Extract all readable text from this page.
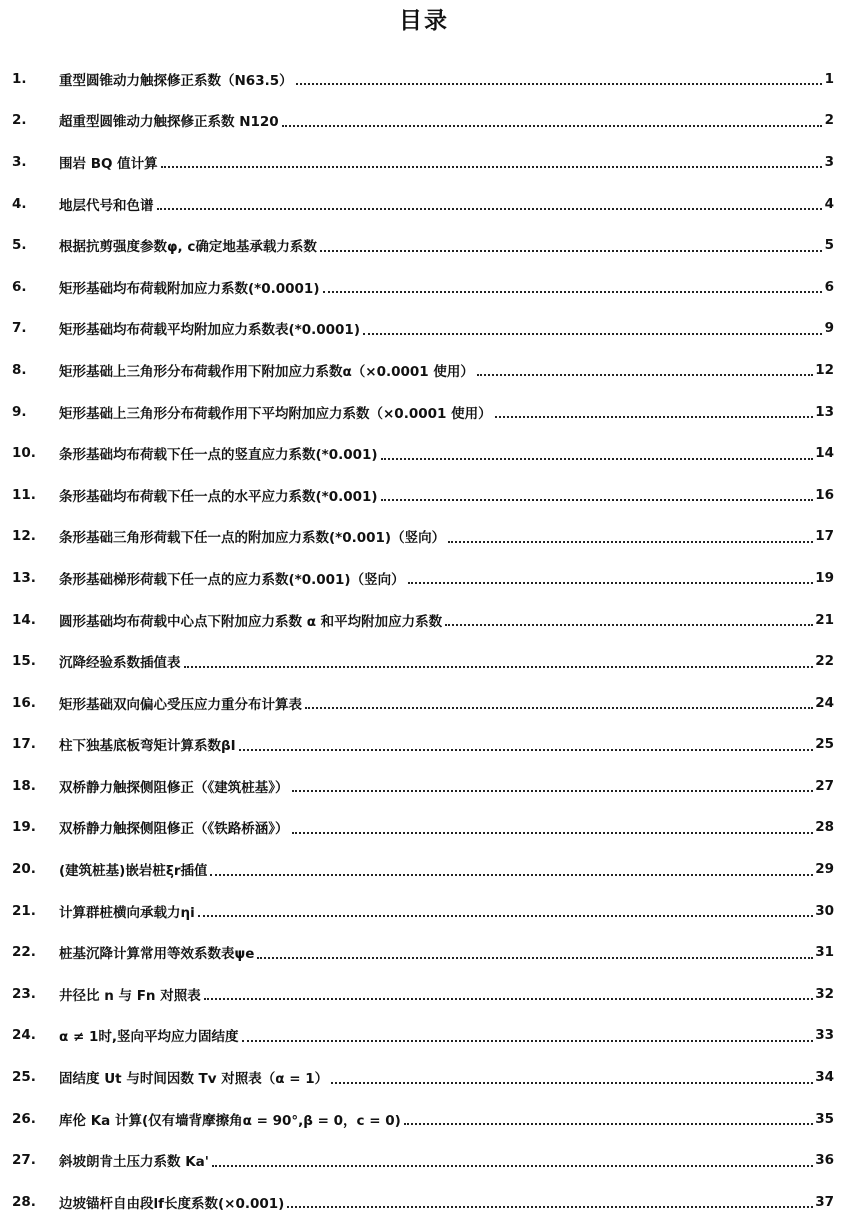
目录
1.	重型圆锥动力触探修正系数（N63.5）	1
2.	超重型圆锥动力触探修正系数 N120	2
3.	围岩 BQ 值计算	3
4.	地层代号和色谱	4
5.	根据抗剪强度参数φ, c确定地基承载力系数	5
6.	矩形基础均布荷载附加应力系数(*0.0001)	6
7.	矩形基础均布荷载平均附加应力系数表(*0.0001)	9
8.	矩形基础上三角形分布荷载作用下附加应力系数α（×0.0001 使用）	12
9.	矩形基础上三角形分布荷载作用下平均附加应力系数（×0.0001 使用）	13
10.	条形基础均布荷载下任一点的竖直应力系数(*0.001)	14
11.	条形基础均布荷载下任一点的水平应力系数(*0.001)	16
12.	条形基础三角形荷载下任一点的附加应力系数(*0.001)（竖向）	17
13.	条形基础梯形荷载下任一点的应力系数(*0.001)（竖向）	19
14.	圆形基础均布荷载中心点下附加应力系数 α 和平均附加应力系数	21
15.	沉降经验系数插值表	22
16.	矩形基础双向偏心受压应力重分布计算表	24
17.	柱下独基底板弯矩计算系数βI	25
18.	双桥静力触探侧阻修正（《建筑桩基》）	27
19.	双桥静力触探侧阻修正（《铁路桥涵》）	28
20.	(建筑桩基)嵌岩桩ξr插值	29
21.	计算群桩横向承载力ηi	30
22.	桩基沉降计算常用等效系数表ψe	31
23.	井径比 n 与 Fn 对照表	32
24.	α ≠ 1时,竖向平均应力固结度	33
25.	固结度 Ut 与时间因数 Tv 对照表（α = 1）	34
26.	库伦 Ka 计算(仅有墙背摩擦角α = 90°,β = 0，c = 0)	35
27.	斜坡朗肯土压力系数 Ka'	36
28.	边坡锚杆自由段lf长度系数(×0.001)	37
